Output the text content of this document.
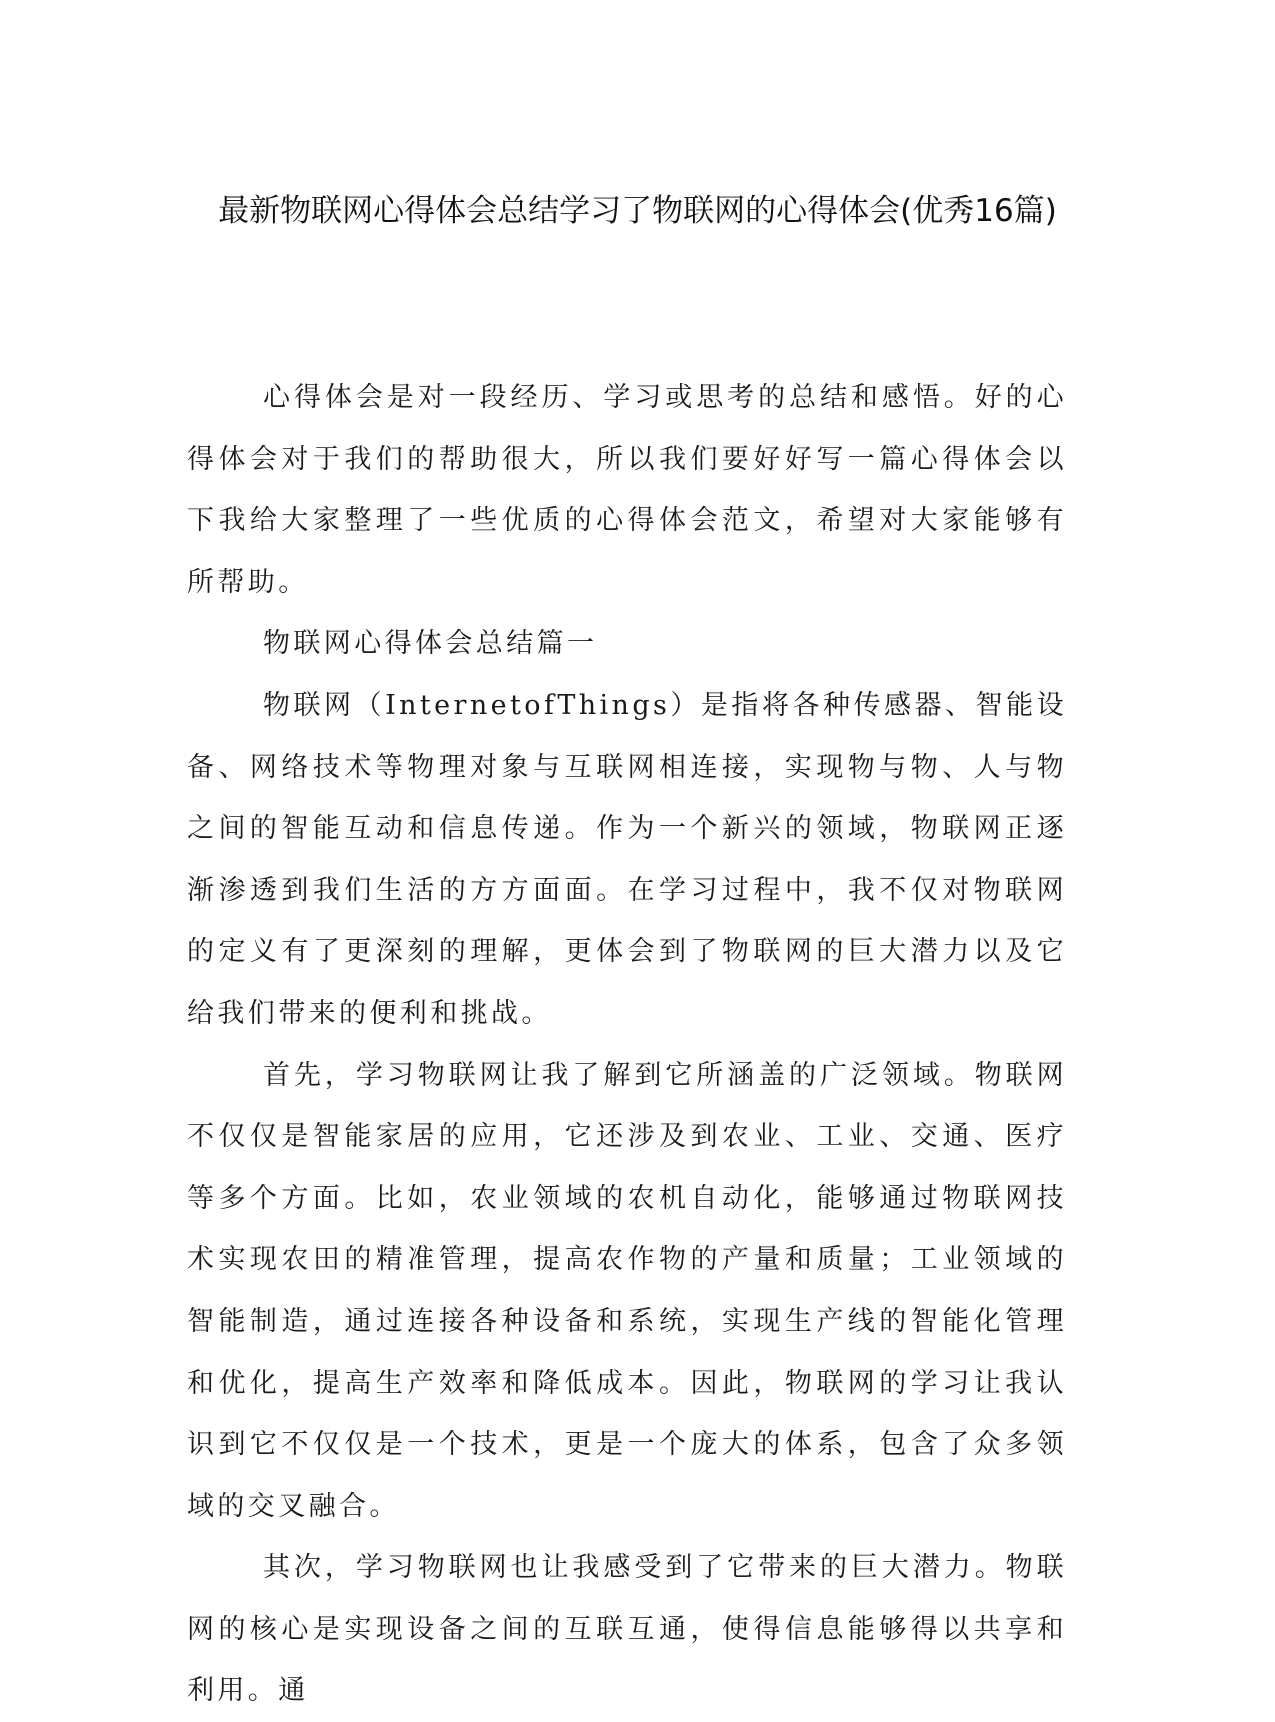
最新物联网心得体会总结学习了物联网的心得体会(优秀16篇)

心得体会是对一段经历、学习或思考的总结和感悟。好的心得体会对于我们的帮助很大，所以我们要好好写一篇心得体会以下我给大家整理了一些优质的心得体会范文，希望对大家能够有所帮助。

物联网心得体会总结篇一

物联网（InternetofThings）是指将各种传感器、智能设备、网络技术等物理对象与互联网相连接，实现物与物、人与物之间的智能互动和信息传递。作为一个新兴的领域，物联网正逐渐渗透到我们生活的方方面面。在学习过程中，我不仅对物联网的定义有了更深刻的理解，更体会到了物联网的巨大潜力以及它给我们带来的便利和挑战。

首先，学习物联网让我了解到它所涵盖的广泛领域。物联网不仅仅是智能家居的应用，它还涉及到农业、工业、交通、医疗等多个方面。比如，农业领域的农机自动化，能够通过物联网技术实现农田的精准管理，提高农作物的产量和质量；工业领域的智能制造，通过连接各种设备和系统，实现生产线的智能化管理和优化，提高生产效率和降低成本。因此，物联网的学习让我认识到它不仅仅是一个技术，更是一个庞大的体系，包含了众多领域的交叉融合。

其次，学习物联网也让我感受到了它带来的巨大潜力。物联网的核心是实现设备之间的互联互通，使得信息能够得以共享和利用。通
